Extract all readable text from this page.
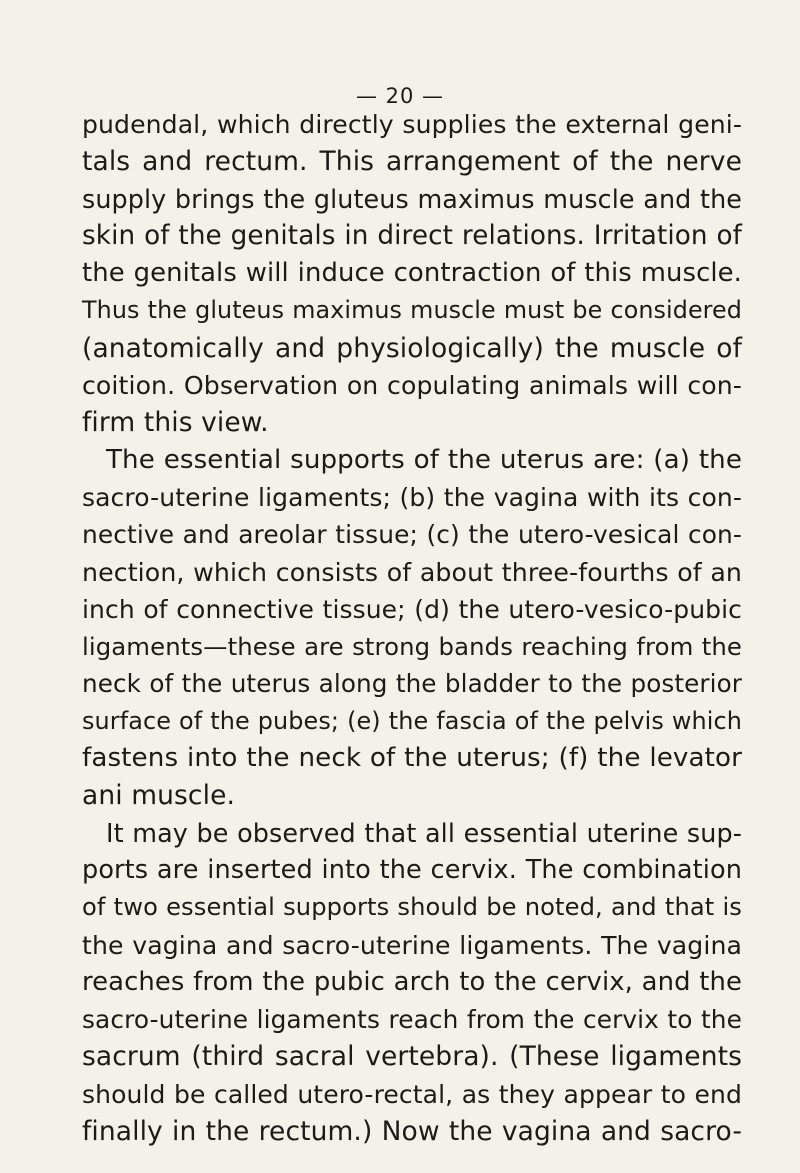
— 20 —
pudendal, which directly supplies the external geni-
tals and rectum. This arrangement of the nerve
supply brings the gluteus maximus muscle and the
skin of the genitals in direct relations. Irritation of
the genitals will induce contraction of this muscle.
Thus the gluteus maximus muscle must be considered
(anatomically and physiologically) the muscle of
coition. Observation on copulating animals will con-
firm this view.
The essential supports of the uterus are: (a) the
sacro-uterine ligaments; (b) the vagina with its con-
nective and areolar tissue; (c) the utero-vesical con-
nection, which consists of about three-fourths of an
inch of connective tissue; (d) the utero-vesico-pubic
ligaments—these are strong bands reaching from the
neck of the uterus along the bladder to the posterior
surface of the pubes; (e) the fascia of the pelvis which
fastens into the neck of the uterus; (f) the levator
ani muscle.
It may be observed that all essential uterine sup-
ports are inserted into the cervix. The combination
of two essential supports should be noted, and that is
the vagina and sacro-uterine ligaments. The vagina
reaches from the pubic arch to the cervix, and the
sacro-uterine ligaments reach from the cervix to the
sacrum (third sacral vertebra). (These ligaments
should be called utero-rectal, as they appear to end
finally in the rectum.) Now the vagina and sacro-
